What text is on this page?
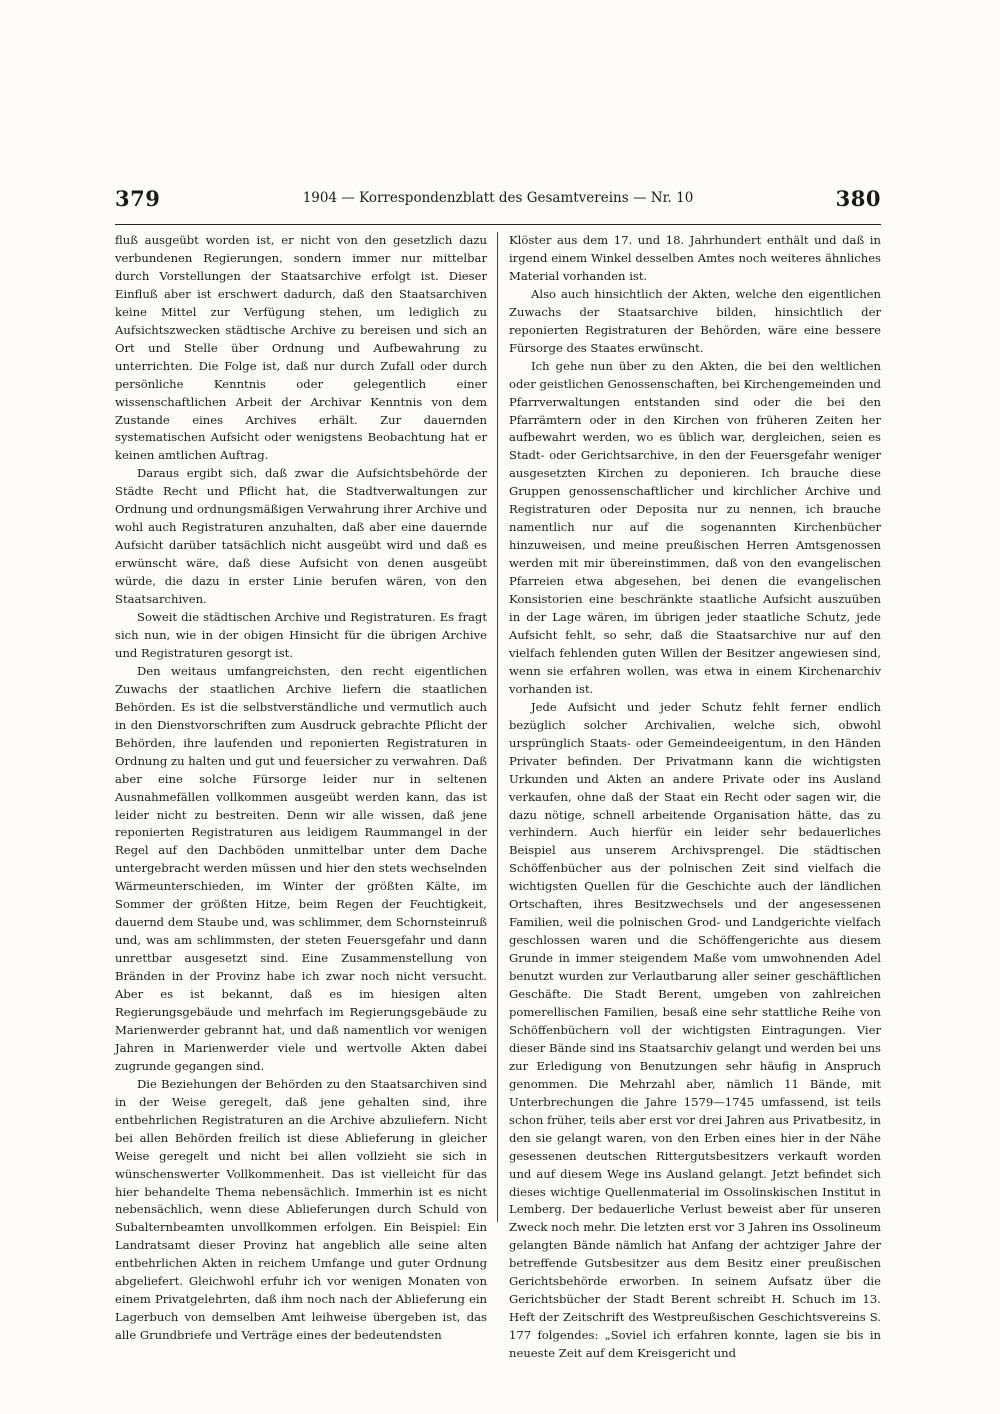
379	1904 — Korrespondenzblatt des Gesamtvereins — Nr. 10	380

fluß ausgeübt worden ist, er nicht von den gesetzlich dazu verbundenen Regierungen, sondern immer nur mittelbar durch Vorstellungen der Staatsarchive erfolgt ist. Dieser Einfluß aber ist erschwert dadurch, daß den Staatsarchiven keine Mittel zur Verfügung stehen, um lediglich zu Aufsichtszwecken städtische Archive zu bereisen und sich an Ort und Stelle über Ordnung und Aufbewahrung zu unterrichten. Die Folge ist, daß nur durch Zufall oder durch persönliche Kenntnis oder gelegentlich einer wissenschaftlichen Arbeit der Archivar Kenntnis von dem Zustande eines Archives erhält. Zur dauernden systematischen Aufsicht oder wenigstens Beobachtung hat er keinen amtlichen Auftrag.

Daraus ergibt sich, daß zwar die Aufsichtsbehörde der Städte Recht und Pflicht hat, die Stadtverwaltungen zur Ordnung und ordnungsmäßigen Verwahrung ihrer Archive und wohl auch Registraturen anzuhalten, daß aber eine dauernde Aufsicht darüber tatsächlich nicht ausgeübt wird und daß es erwünscht wäre, daß diese Aufsicht von denen ausgeübt würde, die dazu in erster Linie berufen wären, von den Staatsarchiven.

Soweit die städtischen Archive und Registraturen. Es fragt sich nun, wie in der obigen Hinsicht für die übrigen Archive und Registraturen gesorgt ist.

Den weitaus umfangreichsten, den recht eigentlichen Zuwachs der staatlichen Archive liefern die staatlichen Behörden. Es ist die selbstverständliche und vermutlich auch in den Dienstvorschriften zum Ausdruck gebrachte Pflicht der Behörden, ihre laufenden und reponierten Registraturen in Ordnung zu halten und gut und feuersicher zu verwahren. Daß aber eine solche Fürsorge leider nur in seltenen Ausnahmefällen vollkommen ausgeübt werden kann, das ist leider nicht zu bestreiten. Denn wir alle wissen, daß jene reponierten Registraturen aus leidigem Raummangel in der Regel auf den Dachböden unmittelbar unter dem Dache untergebracht werden müssen und hier den stets wechselnden Wärmeunterschieden, im Winter der größten Kälte, im Sommer der größten Hitze, beim Regen der Feuchtigkeit, dauernd dem Staube und, was schlimmer, dem Schornsteinruß und, was am schlimmsten, der steten Feuersgefahr und dann unrettbar ausgesetzt sind. Eine Zusammenstellung von Bränden in der Provinz habe ich zwar noch nicht versucht. Aber es ist bekannt, daß es im hiesigen alten Regierungsgebäude und mehrfach im Regierungsgebäude zu Marienwerder gebrannt hat, und daß namentlich vor wenigen Jahren in Marienwerder viele und wertvolle Akten dabei zugrunde gegangen sind.

Die Beziehungen der Behörden zu den Staatsarchiven sind in der Weise geregelt, daß jene gehalten sind, ihre entbehrlichen Registraturen an die Archive abzuliefern. Nicht bei allen Behörden freilich ist diese Ablieferung in gleicher Weise geregelt und nicht bei allen vollzieht sie sich in wünschenswerter Vollkommenheit. Das ist vielleicht für das hier behandelte Thema nebensächlich. Immerhin ist es nicht nebensächlich, wenn diese Ablieferungen durch Schuld von Subalternbeamten unvollkommen erfolgen. Ein Beispiel: Ein Landratsamt dieser Provinz hat angeblich alle seine alten entbehrlichen Akten in reichem Umfange und guter Ordnung abgeliefert. Gleichwohl erfuhr ich vor wenigen Monaten von einem Privatgelehrten, daß ihm noch nach der Ablieferung ein Lagerbuch von demselben Amt leihweise übergeben ist, das alle Grundbriefe und Verträge eines der bedeutendsten

Klöster aus dem 17. und 18. Jahrhundert enthält und daß in irgend einem Winkel desselben Amtes noch weiteres ähnliches Material vorhanden ist.

Also auch hinsichtlich der Akten, welche den eigentlichen Zuwachs der Staatsarchive bilden, hinsichtlich der reponierten Registraturen der Behörden, wäre eine bessere Fürsorge des Staates erwünscht.

Ich gehe nun über zu den Akten, die bei den weltlichen oder geistlichen Genossenschaften, bei Kirchengemeinden und Pfarrverwaltungen entstanden sind oder die bei den Pfarrämtern oder in den Kirchen von früheren Zeiten her aufbewahrt werden, wo es üblich war, dergleichen, seien es Stadt- oder Gerichtsarchive, in den der Feuersgefahr weniger ausgesetzten Kirchen zu deponieren. Ich brauche diese Gruppen genossenschaftlicher und kirchlicher Archive und Registraturen oder Deposita nur zu nennen, ich brauche namentlich nur auf die sogenannten Kirchenbücher hinzuweisen, und meine preußischen Herren Amtsgenossen werden mit mir übereinstimmen, daß von den evangelischen Pfarreien etwa abgesehen, bei denen die evangelischen Konsistorien eine beschränkte staatliche Aufsicht auszuüben in der Lage wären, im übrigen jeder staatliche Schutz, jede Aufsicht fehlt, so sehr, daß die Staatsarchive nur auf den vielfach fehlenden guten Willen der Besitzer angewiesen sind, wenn sie erfahren wollen, was etwa in einem Kirchenarchiv vorhanden ist.

Jede Aufsicht und jeder Schutz fehlt ferner endlich bezüglich solcher Archivalien, welche sich, obwohl ursprünglich Staats- oder Gemeindeeigentum, in den Händen Privater befinden. Der Privatmann kann die wichtigsten Urkunden und Akten an andere Private oder ins Ausland verkaufen, ohne daß der Staat ein Recht oder sagen wir, die dazu nötige, schnell arbeitende Organisation hätte, das zu verhindern. Auch hierfür ein leider sehr bedauerliches Beispiel aus unserem Archivsprengel. Die städtischen Schöffenbücher aus der polnischen Zeit sind vielfach die wichtigsten Quellen für die Geschichte auch der ländlichen Ortschaften, ihres Besitzwechsels und der angesessenen Familien, weil die polnischen Grod- und Landgerichte vielfach geschlossen waren und die Schöffengerichte aus diesem Grunde in immer steigendem Maße vom umwohnenden Adel benutzt wurden zur Verlautbarung aller seiner geschäftlichen Geschäfte. Die Stadt Berent, umgeben von zahlreichen pomerellischen Familien, besaß eine sehr stattliche Reihe von Schöffenbüchern voll der wichtigsten Eintragungen. Vier dieser Bände sind ins Staatsarchiv gelangt und werden bei uns zur Erledigung von Benutzungen sehr häufig in Anspruch genommen. Die Mehrzahl aber, nämlich 11 Bände, mit Unterbrechungen die Jahre 1579—1745 umfassend, ist teils schon früher, teils aber erst vor drei Jahren aus Privatbesitz, in den sie gelangt waren, von den Erben eines hier in der Nähe gesessenen deutschen Rittergutsbesitzers verkauft worden und auf diesem Wege ins Ausland gelangt. Jetzt befindet sich dieses wichtige Quellenmaterial im Ossolinskischen Institut in Lemberg. Der bedauerliche Verlust beweist aber für unseren Zweck noch mehr. Die letzten erst vor 3 Jahren ins Ossolineum gelangten Bände nämlich hat Anfang der achtziger Jahre der betreffende Gutsbesitzer aus dem Besitz einer preußischen Gerichtsbehörde erworben. In seinem Aufsatz über die Gerichtsbücher der Stadt Berent schreibt H. Schuch im 13. Heft der Zeitschrift des Westpreußischen Geschichtsvereins S. 177 folgendes: „Soviel ich erfahren konnte, lagen sie bis in neueste Zeit auf dem Kreisgericht und
